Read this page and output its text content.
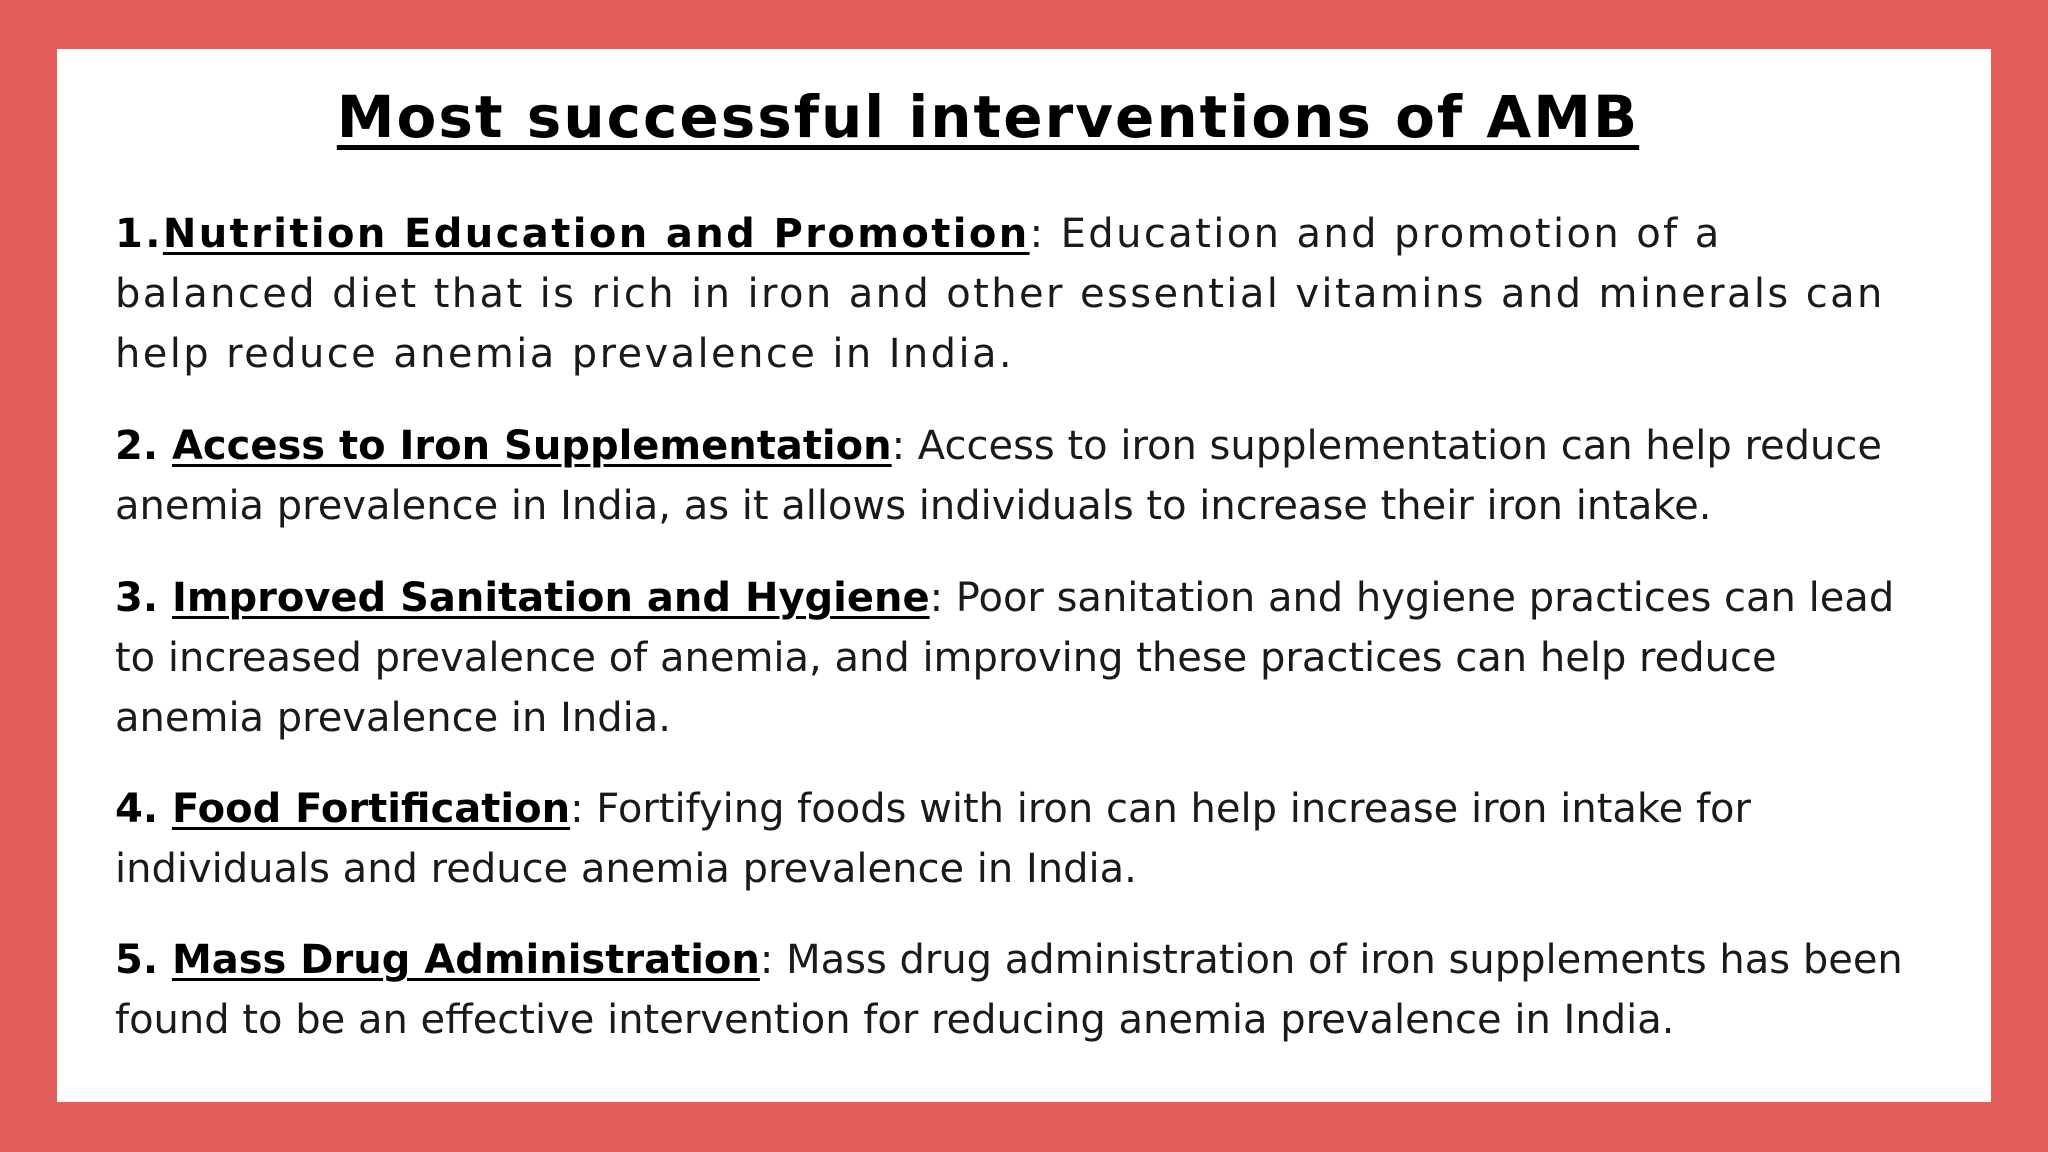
Most successful interventions of AMB

1.Nutrition Education and Promotion: Education and promotion of a balanced diet that is rich in iron and other essential vitamins and minerals can help reduce anemia prevalence in India.

2. Access to Iron Supplementation: Access to iron supplementation can help reduce anemia prevalence in India, as it allows individuals to increase their iron intake.

3. Improved Sanitation and Hygiene: Poor sanitation and hygiene practices can lead to increased prevalence of anemia, and improving these practices can help reduce anemia prevalence in India.

4. Food Fortification: Fortifying foods with iron can help increase iron intake for individuals and reduce anemia prevalence in India.

5. Mass Drug Administration: Mass drug administration of iron supplements has been found to be an effective intervention for reducing anemia prevalence in India.
